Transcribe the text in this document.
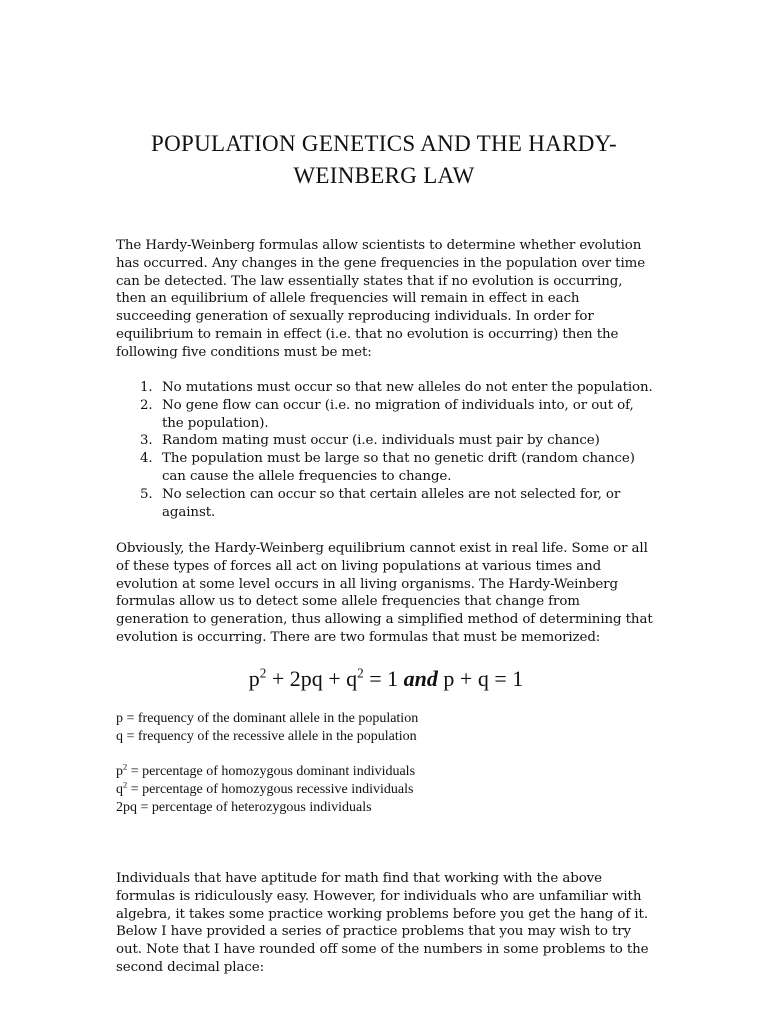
POPULATION GENETICS AND THE HARDY-
WEINBERG LAW

The Hardy-Weinberg formulas allow scientists to determine whether evolution has occurred. Any changes in the gene frequencies in the population over time can be detected. The law essentially states that if no evolution is occurring, then an equilibrium of allele frequencies will remain in effect in each succeeding generation of sexually reproducing individuals. In order for equilibrium to remain in effect (i.e. that no evolution is occurring) then the following five conditions must be met:

1. No mutations must occur so that new alleles do not enter the population.
2. No gene flow can occur (i.e. no migration of individuals into, or out of, the population).
3. Random mating must occur (i.e. individuals must pair by chance)
4. The population must be large so that no genetic drift (random chance) can cause the allele frequencies to change.
5. No selection can occur so that certain alleles are not selected for, or against.

Obviously, the Hardy-Weinberg equilibrium cannot exist in real life. Some or all of these types of forces all act on living populations at various times and evolution at some level occurs in all living organisms. The Hardy-Weinberg formulas allow us to detect some allele frequencies that change from generation to generation, thus allowing a simplified method of determining that evolution is occurring. There are two formulas that must be memorized:

$p^2 + 2pq + q^2 = 1$ and p + q = 1

p = frequency of the dominant allele in the population
q = frequency of the recessive allele in the population
$p^2$ = percentage of homozygous dominant individuals
$q^2$ = percentage of homozygous recessive individuals
2pq = percentage of heterozygous individuals

Individuals that have aptitude for math find that working with the above formulas is ridiculously easy. However, for individuals who are unfamiliar with algebra, it takes some practice working problems before you get the hang of it. Below I have provided a series of practice problems that you may wish to try out. Note that I have rounded off some of the numbers in some problems to the second decimal place:
